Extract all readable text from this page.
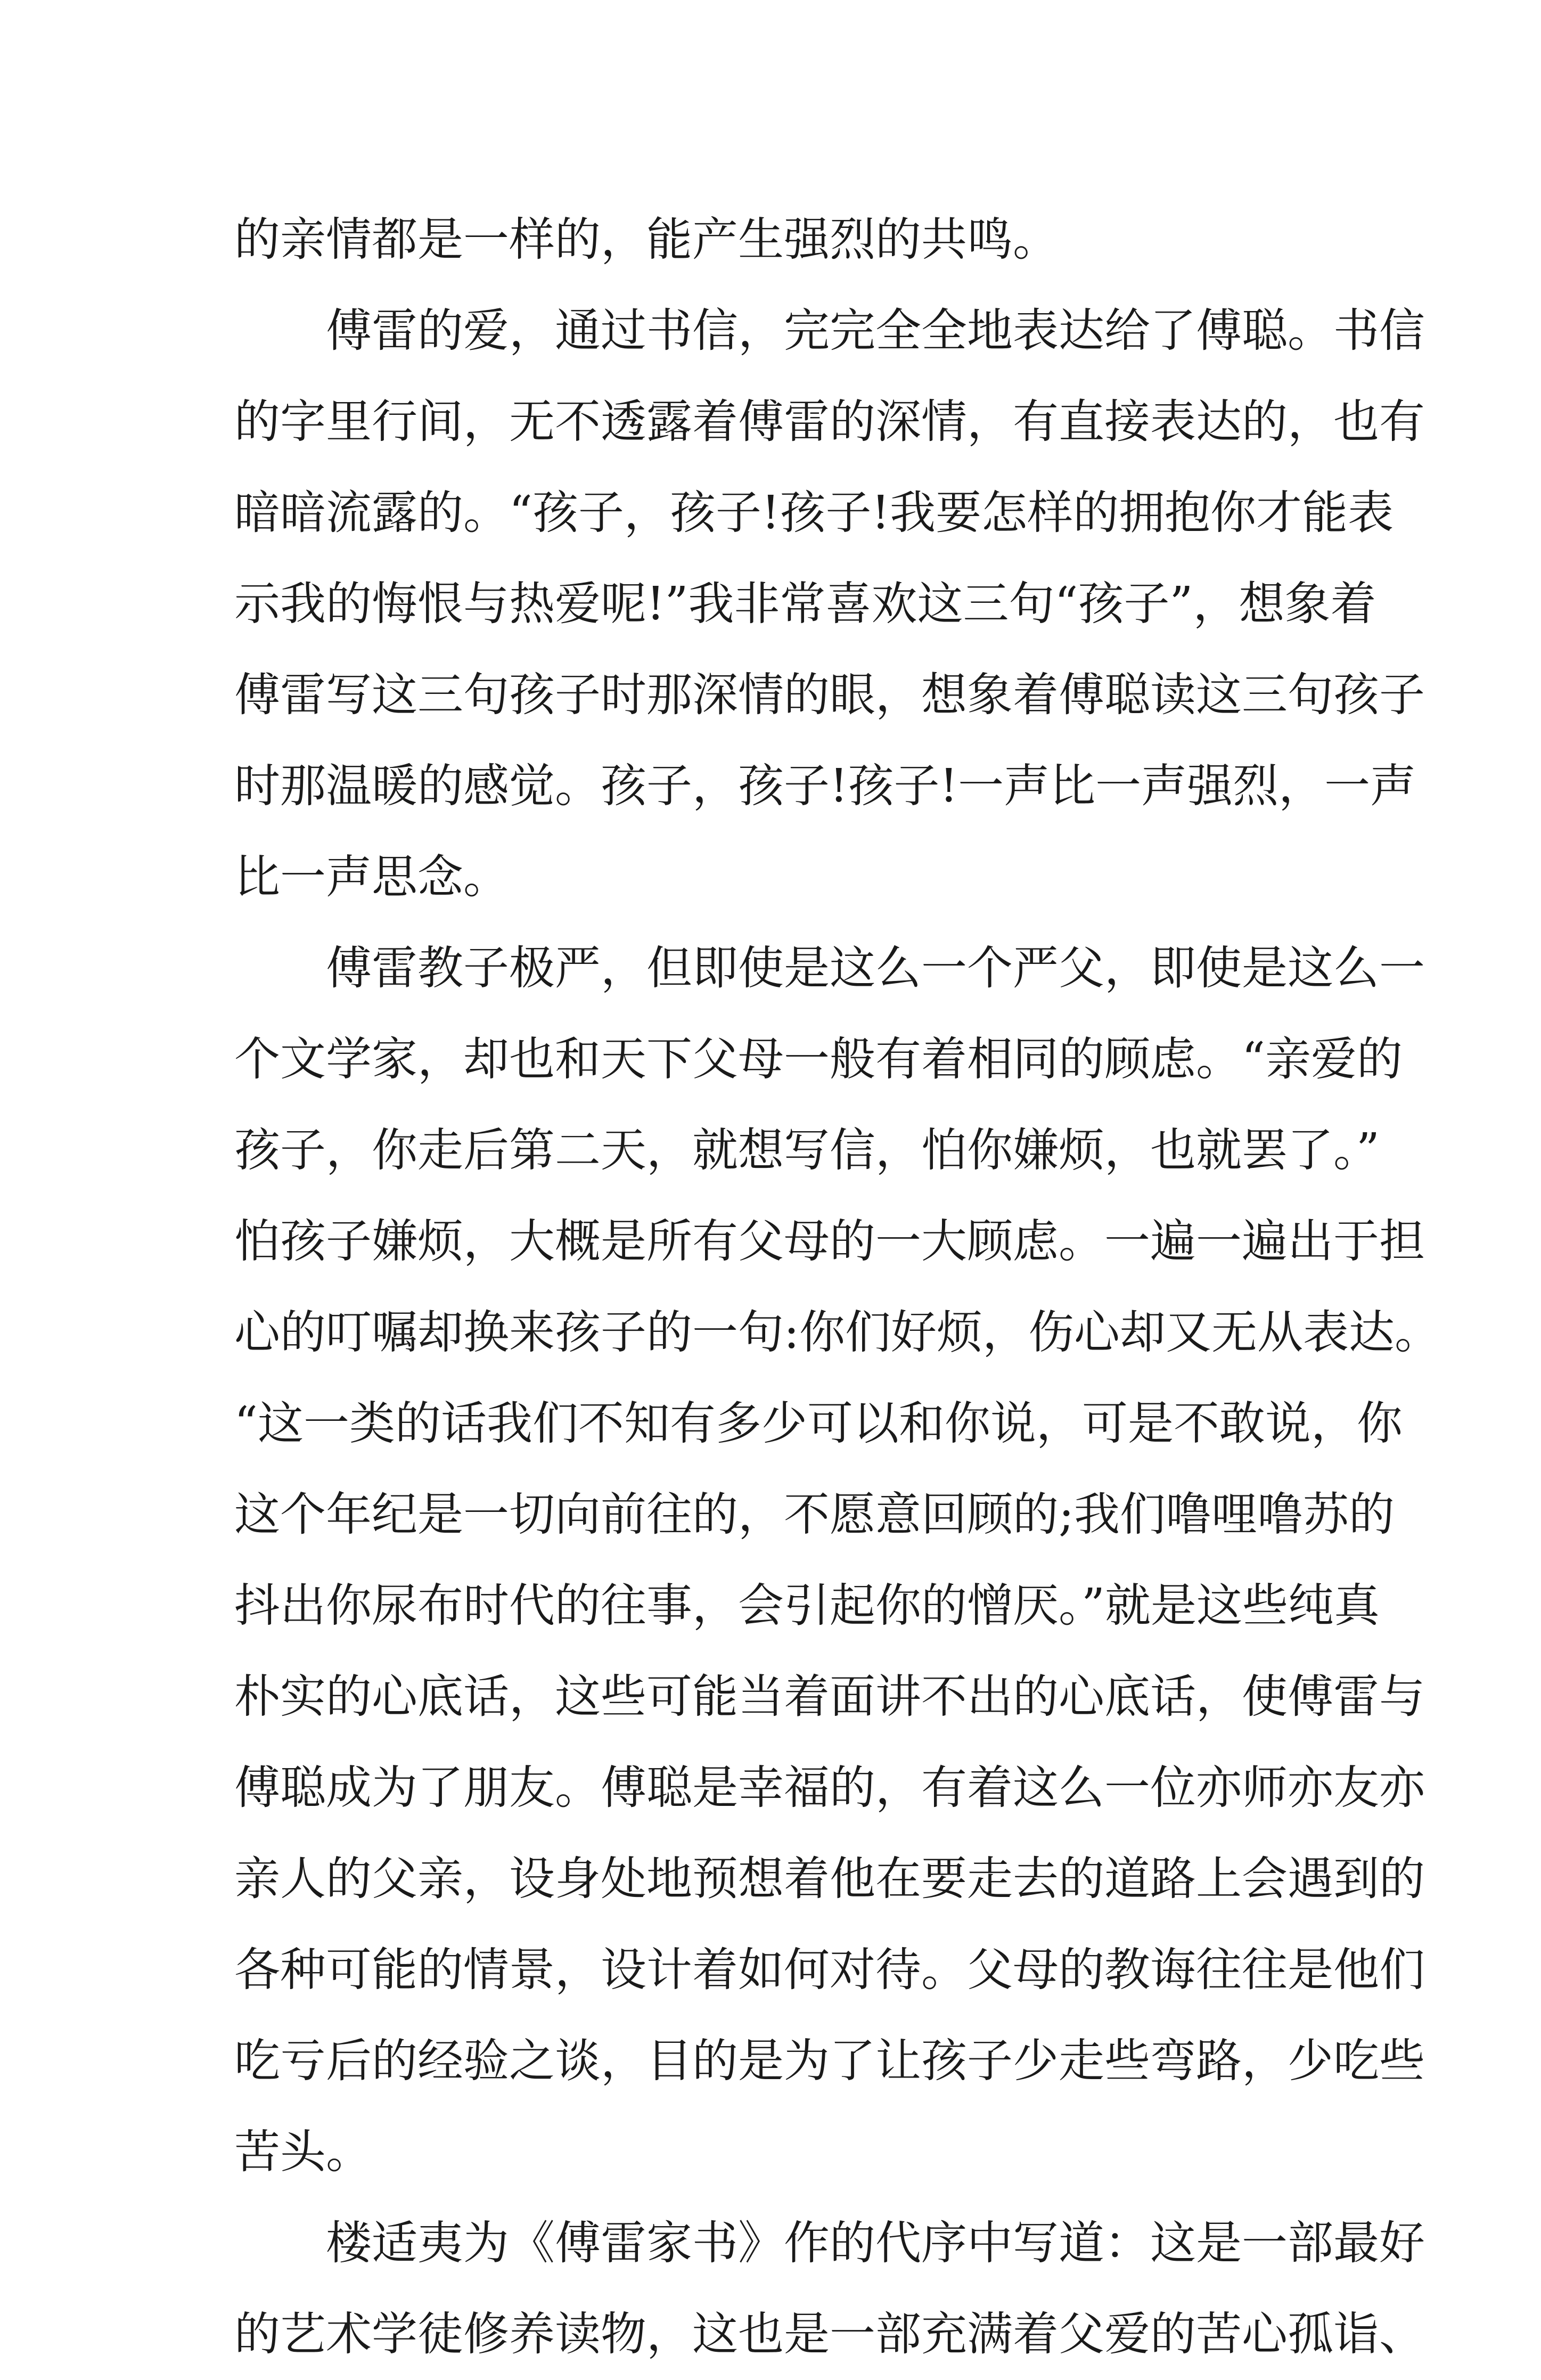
的亲情都是一样的，能产生强烈的共鸣。
傅雷的爱，通过书信，完完全全地表达给了傅聪。书信
的字里行间，无不透露着傅雷的深情，有直接表达的，也有
暗暗流露的。“孩子，孩子!孩子!我要怎样的拥抱你才能表
示我的悔恨与热爱呢!”我非常喜欢这三句“孩子”，想象着
傅雷写这三句孩子时那深情的眼，想象着傅聪读这三句孩子
时那温暖的感觉。孩子，孩子!孩子!一声比一声强烈，一声
比一声思念。
傅雷教子极严，但即使是这么一个严父，即使是这么一
个文学家，却也和天下父母一般有着相同的顾虑。“亲爱的
孩子，你走后第二天，就想写信，怕你嫌烦，也就罢了。”
怕孩子嫌烦，大概是所有父母的一大顾虑。一遍一遍出于担
心的叮嘱却换来孩子的一句:你们好烦，伤心却又无从表达。
“这一类的话我们不知有多少可以和你说，可是不敢说，你
这个年纪是一切向前往的，不愿意回顾的;我们噜哩噜苏的
抖出你尿布时代的往事，会引起你的憎厌。”就是这些纯真
朴实的心底话，这些可能当着面讲不出的心底话，使傅雷与
傅聪成为了朋友。傅聪是幸福的，有着这么一位亦师亦友亦
亲人的父亲，设身处地预想着他在要走去的道路上会遇到的
各种可能的情景，设计着如何对待。父母的教诲往往是他们
吃亏后的经验之谈，目的是为了让孩子少走些弯路，少吃些
苦头。
楼适夷为《傅雷家书》作的代序中写道：这是一部最好
的艺术学徒修养读物，这也是一部充满着父爱的苦心孤诣、
